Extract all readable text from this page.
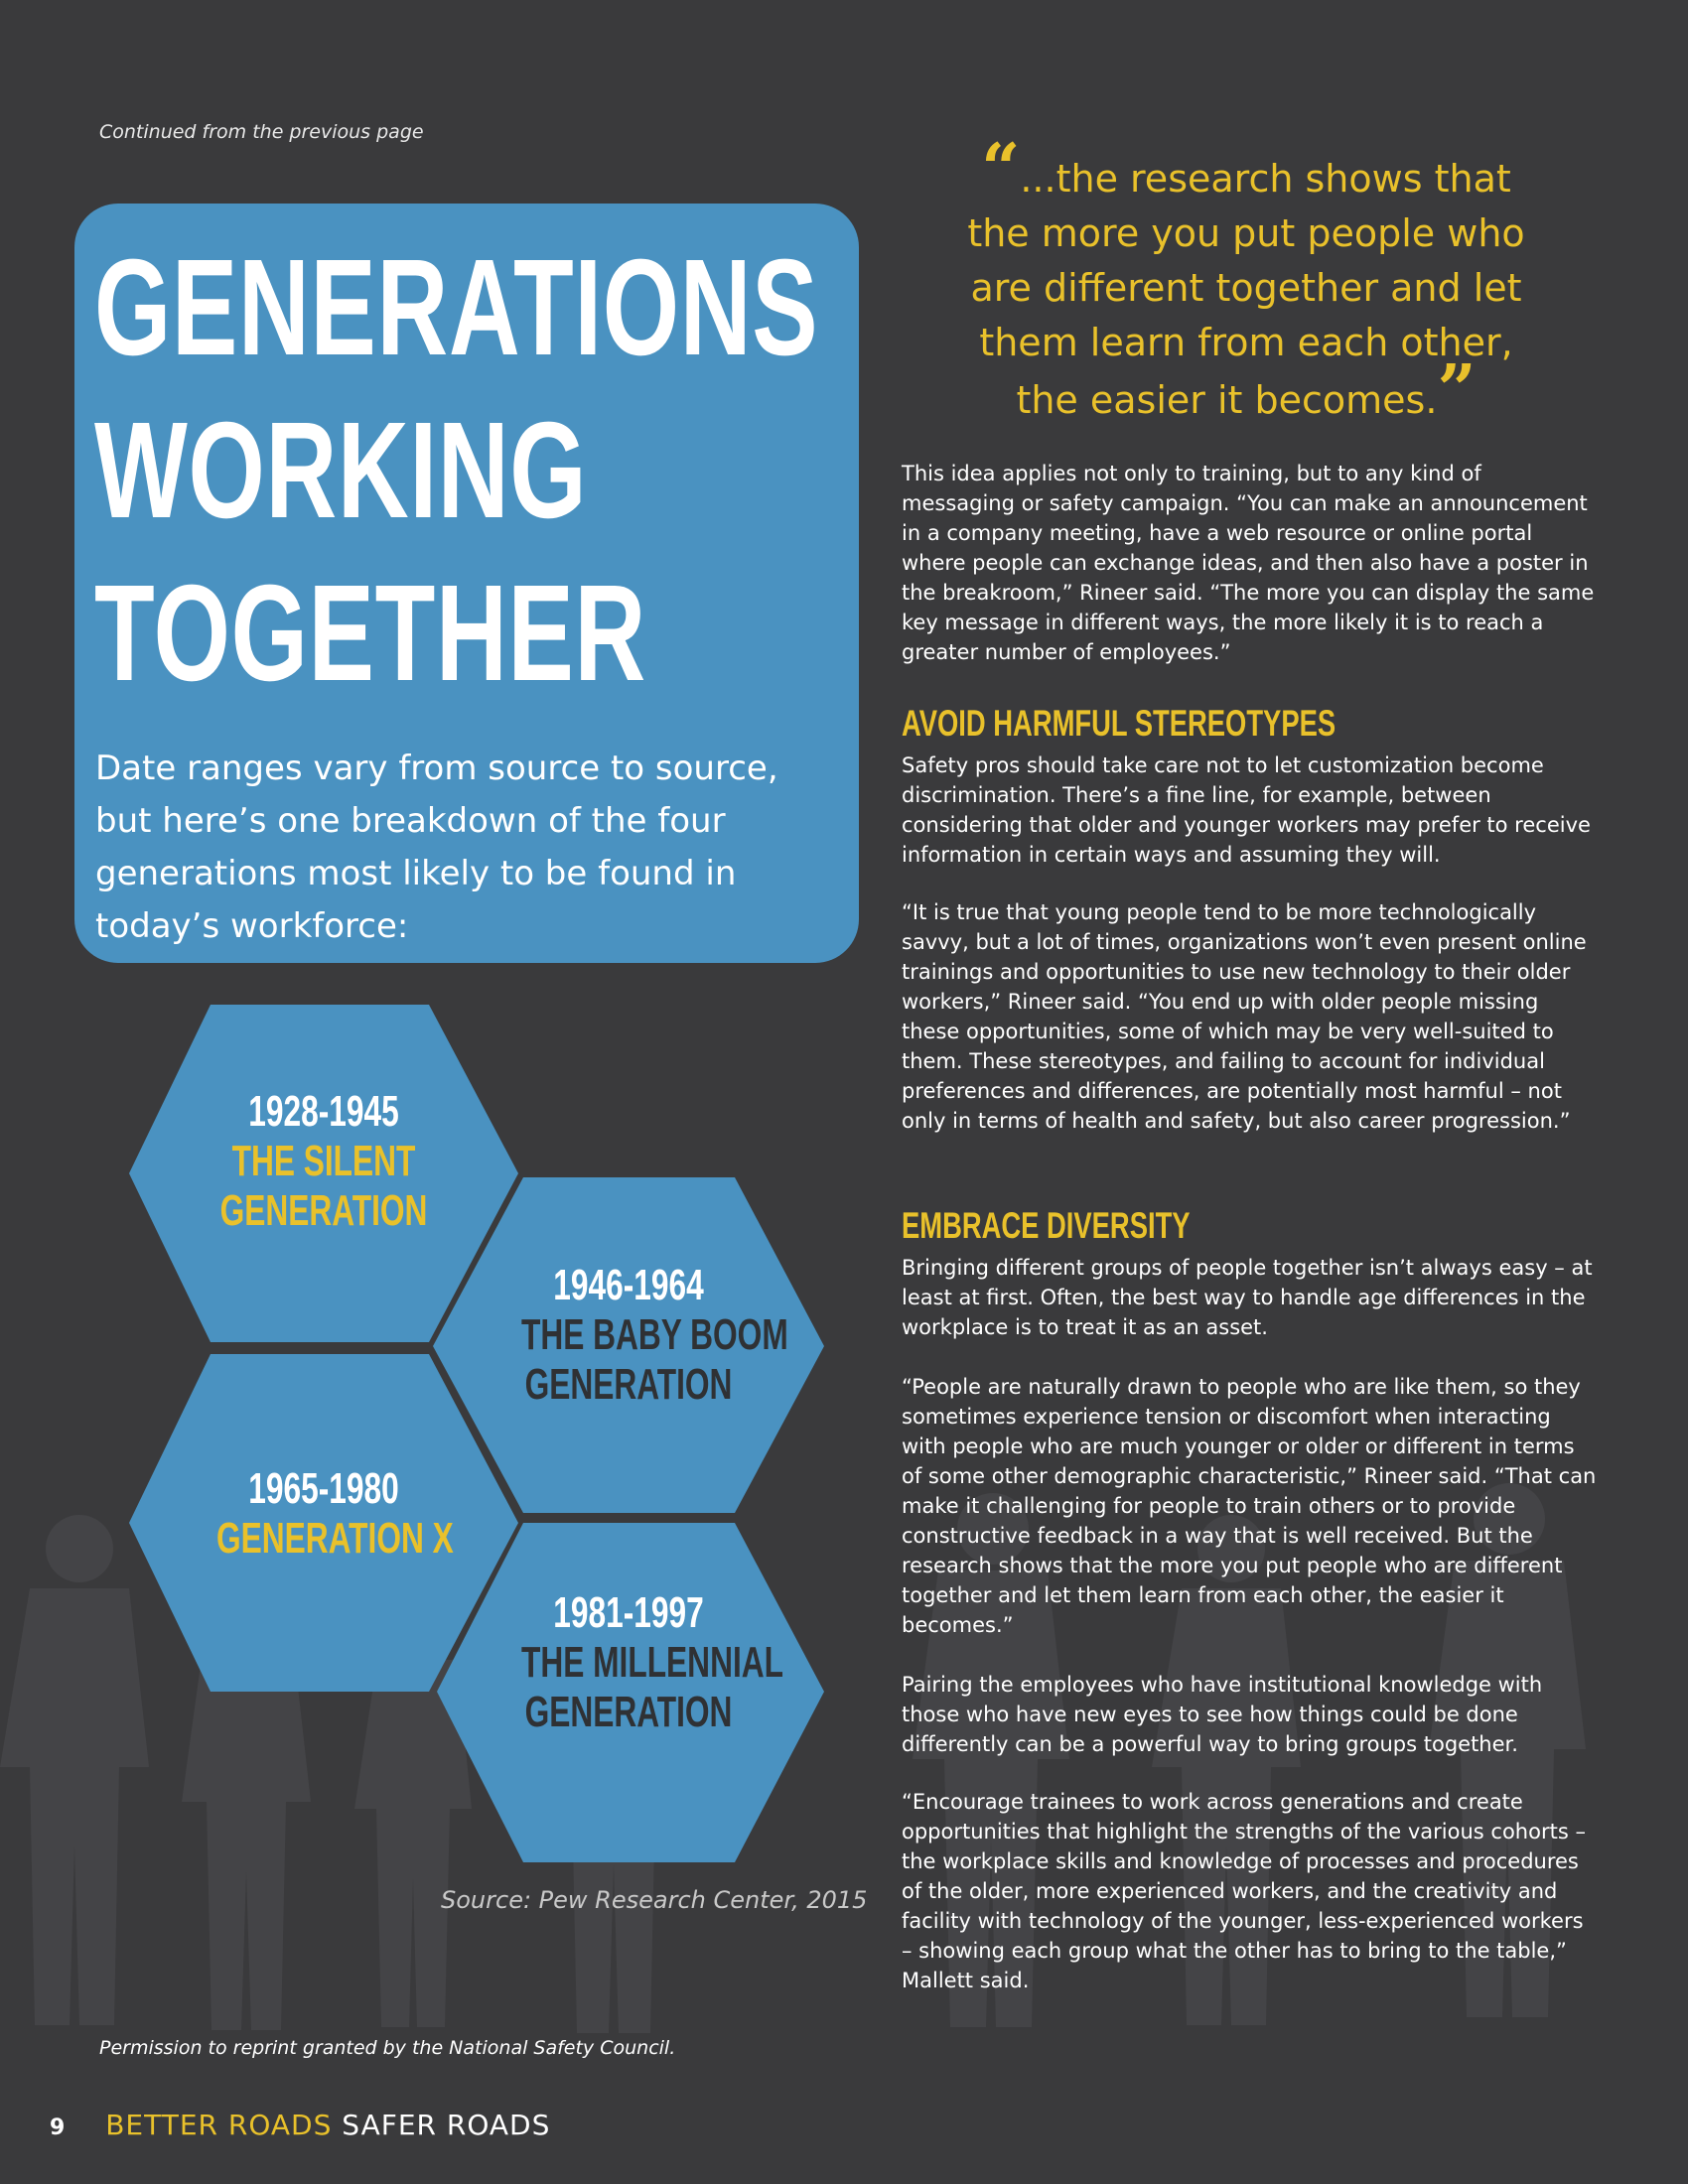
Continued from the previous page
GENERATIONS
WORKING
TOGETHER
Date ranges vary from source to source, but here’s one breakdown of the four generations most likely to be found in today’s workforce:
1928-1945
THE SILENT
GENERATION
1946-1964
THE BABY BOOM
GENERATION
1965-1980
GENERATION X
1981-1997
THE MILLENNIAL
GENERATION
Source: Pew Research Center, 2015
Permission to reprint granted by the National Safety Council.
9 BETTER ROADS SAFER ROADS
“...the research shows that
the more you put people who
are different together and let
them learn from each other,
the easier it becomes.”

This idea applies not only to training, but to any kind of messaging or safety campaign. “You can make an announcement in a company meeting, have a web resource or online portal where people can exchange ideas, and then also have a poster in the breakroom,” Rineer said. “The more you can display the same key message in different ways, the more likely it is to reach a greater number of employees.”

AVOID HARMFUL STEREOTYPES

Safety pros should take care not to let customization become discrimination. There’s a fine line, for example, between considering that older and younger workers may prefer to receive information in certain ways and assuming they will.

“It is true that young people tend to be more technologically savvy, but a lot of times, organizations won’t even present online trainings and opportunities to use new technology to their older workers,” Rineer said. “You end up with older people missing these opportunities, some of which may be very well-suited to them. These stereotypes, and failing to account for individual preferences and differences, are potentially most harmful – not only in terms of health and safety, but also career progression.”

EMBRACE DIVERSITY

Bringing different groups of people together isn’t always easy – at least at first. Often, the best way to handle age differences in the workplace is to treat it as an asset.

“People are naturally drawn to people who are like them, so they sometimes experience tension or discomfort when interacting with people who are much younger or older or different in terms of some other demographic characteristic,” Rineer said. “That can make it challenging for people to train others or to provide constructive feedback in a way that is well received. But the research shows that the more you put people who are different together and let them learn from each other, the easier it becomes.”

Pairing the employees who have institutional knowledge with those who have new eyes to see how things could be done differently can be a powerful way to bring groups together.

“Encourage trainees to work across generations and create opportunities that highlight the strengths of the various cohorts – the workplace skills and knowledge of processes and procedures of the older, more experienced workers, and the creativity and facility with technology of the younger, less-experienced workers – showing each group what the other has to bring to the table,” Mallett said.
